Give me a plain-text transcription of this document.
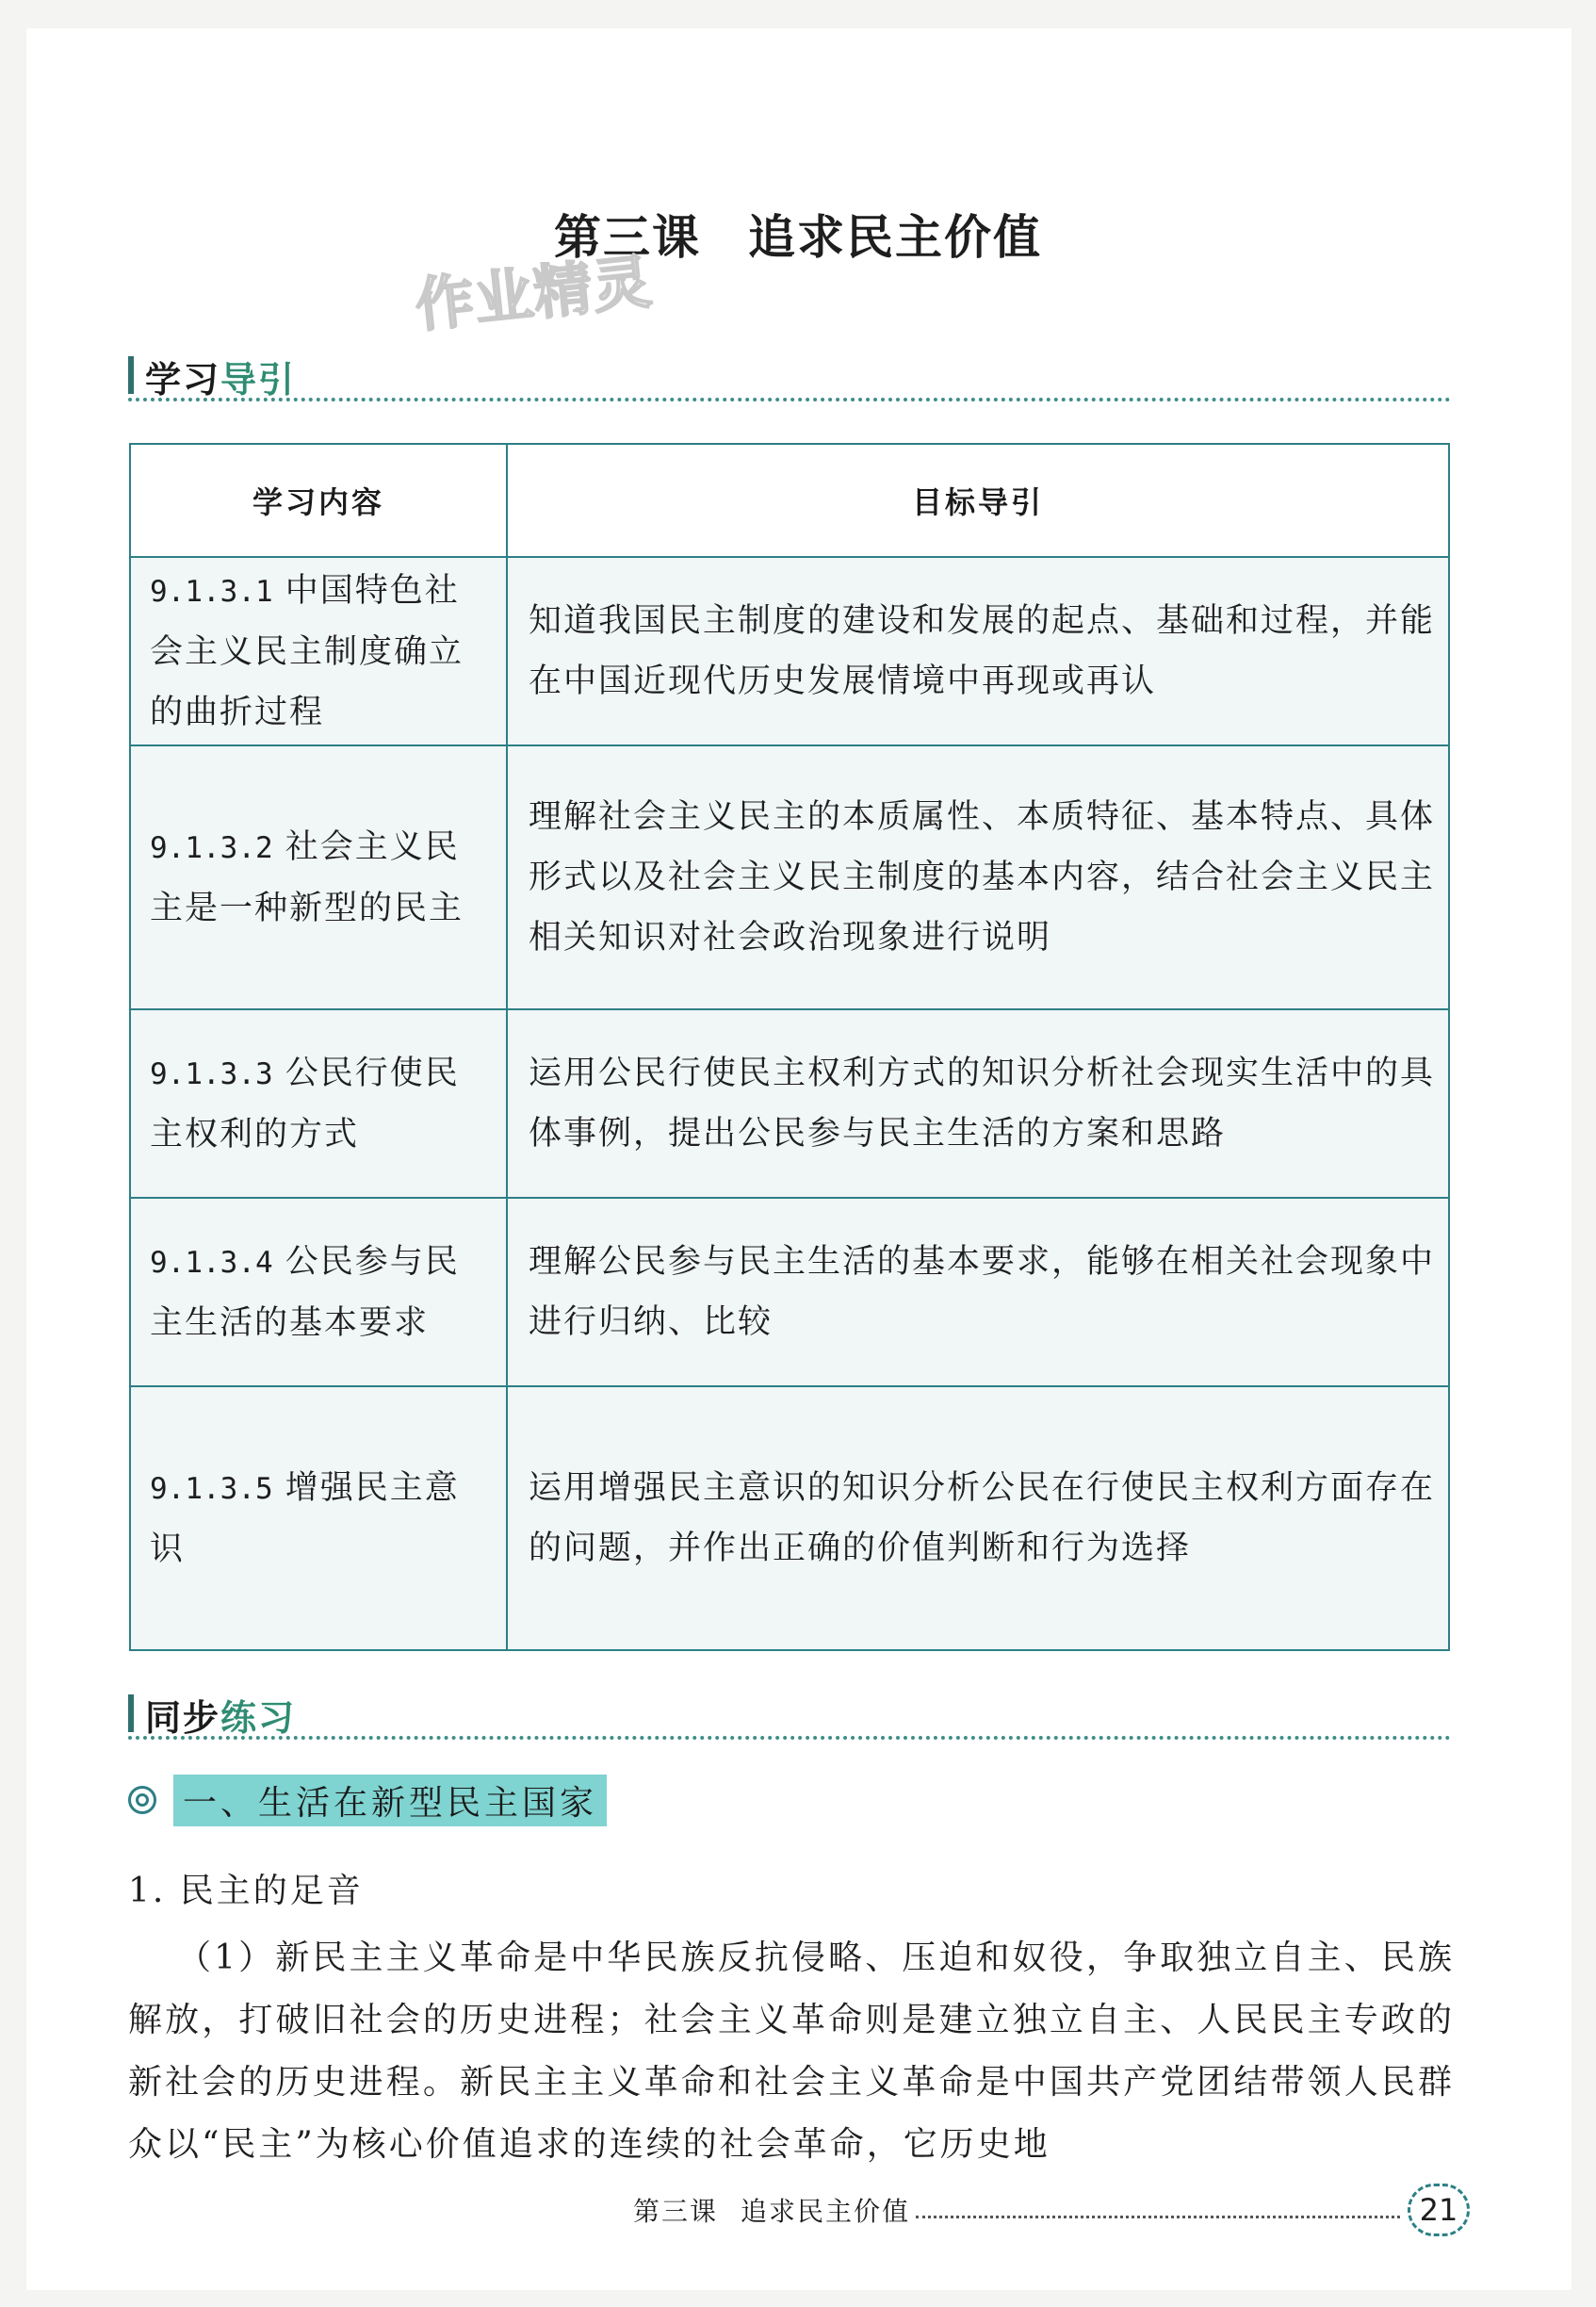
第三课 追求民主价值
作业精灵
学习导引
学习内容	目标导引
9.1.3.1 中国特色社会主义民主制度确立的曲折过程	知道我国民主制度的建设和发展的起点、基础和过程，并能在中国近现代历史发展情境中再现或再认
9.1.3.2 社会主义民主是一种新型的民主	理解社会主义民主的本质属性、本质特征、基本特点、具体形式以及社会主义民主制度的基本内容，结合社会主义民主相关知识对社会政治现象进行说明
9.1.3.3 公民行使民主权利的方式	运用公民行使民主权利方式的知识分析社会现实生活中的具体事例，提出公民参与民主生活的方案和思路
9.1.3.4 公民参与民主生活的基本要求	理解公民参与民主生活的基本要求，能够在相关社会现象中进行归纳、比较
9.1.3.5 增强民主意识	运用增强民主意识的知识分析公民在行使民主权利方面存在的问题，并作出正确的价值判断和行为选择
同步练习
一、生活在新型民主国家
1. 民主的足音
（1）新民主主义革命是中华民族反抗侵略、压迫和奴役，争取独立自主、民族解放，打破旧社会的历史进程；社会主义革命则是建立独立自主、人民民主专政的新社会的历史进程。新民主主义革命和社会主义革命是中国共产党团结带领人民群众以“民主”为核心价值追求的连续的社会革命，它历史地
第三课 追求民主价值	21
